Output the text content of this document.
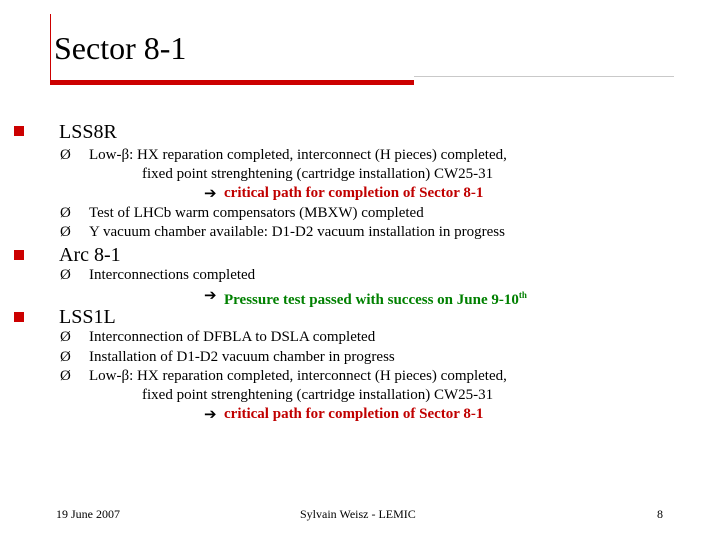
Sector 8-1
LSS8R
Ø Low-β: HX reparation completed, interconnect (H pieces) completed,
fixed point strenghtening (cartridge installation) CW25-31
➔ critical path for completion of Sector 8-1
Ø Test of LHCb warm compensators (MBXW) completed
Ø Y vacuum chamber available: D1-D2 vacuum installation in progress
Arc 8-1
Ø Interconnections completed
➔ Pressure test passed with success on June 9-10th
LSS1L
Ø Interconnection of DFBLA to DSLA completed
Ø Installation of D1-D2 vacuum chamber in progress
Ø Low-β: HX reparation completed, interconnect (H pieces) completed,
fixed point strenghtening (cartridge installation) CW25-31
➔ critical path for completion of Sector 8-1
19 June 2007	Sylvain Weisz - LEMIC	8
